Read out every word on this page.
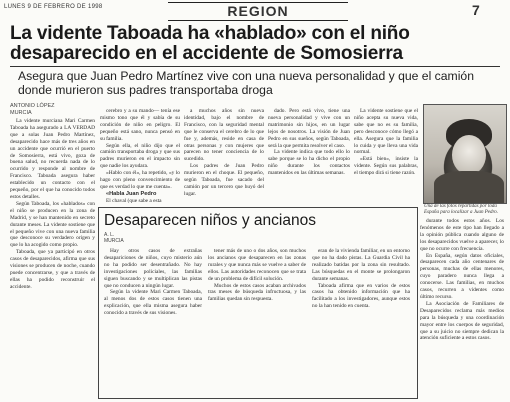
LUNES 9 DE FEBRERO DE 1998	REGION	7
La vidente Taboada ha «hablado» con el niño desaparecido en el accidente de Somosierra
Asegura que Juan Pedro Martínez vive con una nueva personalidad y que el camión donde murieron sus padres transportaba droga
ANTONIO LÓPEZ
MURCIA

La vidente murciana Mari Carmen Taboada ha asegurado a LA VERDAD que a solas Juan Pedro Martínez, desaparecido hace más de tres años en un accidente que ocurrió en el puerto de Somosierra, está vivo, goza de buena salud, no recuerda nada de lo ocurrido y responde al nombre de Francisco. Taboada asegura haber establecido un contacto con el pequeño, por el que ha conocido todos estos detalles.

Según Taboada, los «hablados» con el niño se producen en la zona de Madrid, y se han mantenido en secreto durante meses. La vidente sostiene que el pequeño vive con una nueva familia que desconoce su verdadero origen y que lo ha acogido como propio.

Taboada, que ya participó en otros casos de desaparecidos, afirma que sus visiones se producen de noche, cuando puede concentrarse, y que a través de ellas ha podido reconstruir el accidente.

cerebro y a su mando— tenía ese mismo tono que él y sabía de su condición de niño en peligro. El pequeño está sano, nunca pensó en su familia.

Según ella, el niño dijo que el camión transportaba droga y que sus padres murieron en el impacto sin que nadie los ayudara.

«Hablo con él», ha repetido, «y lo hago con pleno convencimiento de que es verdad lo que me cuenta».

«Habla Juan Pedro

El chaval (que sabe a esta

a muchos años sin nueva identidad, bajo el nombre de Francisco, con la seguridad mental que le conserva el cerebro de lo que fue y, además, reside en casa de otras personas y con mujeres que parecen no tener conciencia de lo sucedido.

Los padres de Juan Pedro murieron en el choque. El pequeño, según Taboada, fue sacado del camión por un tercero que huyó del lugar.

dado. Pero está vivo, tiene una nueva personalidad y vive con un matrimonio sin hijos, en un lugar lejos de nosotros. La visión de Juan Pedro en sus sueños, según Taboada, será la que permita resolver el caso.

La vidente indica que todo ello lo sabe porque se lo ha dicho el propio niño durante los contactos mantenidos en las últimas semanas.

La vidente sostiene que el niño acepta su nueva vida, sabe que no es su familia, pero desconoce cómo llegó a ella. Asegura que la familia lo cuida y que lleva una vida normal.

«Está bien», insiste la vidente. Según sus palabras, el tiempo dirá si tiene razón.

Una de las fotos repartidas por toda España para localizar a Juan Pedro.

durante todos estos años. Los fenómenos de este tipo han llegado a la opinión pública cuando alguno de los desaparecidos vuelve a aparecer, lo que no ocurre con frecuencia.

En España, según datos oficiales, desaparecen cada año centenares de personas, muchas de ellas menores, cuyo paradero nunca llega a conocerse. Las familias, en muchos casos, recurren a videntes como último recurso.

La Asociación de Familiares de Desaparecidos reclama más medios para la búsqueda y una coordinación mayor entre los cuerpos de seguridad, que a su juicio no siempre dedican la atención suficiente a estos casos.

Desaparecen niños y ancianos
A. L.
MURCIA

Hay otros casos de extrañas desapariciones de niños, cuyo misterio aún no ha podido ser desentrañado. No hay investigaciones policiales, las familias siguen buscando y se multiplican las pistas que no conducen a ningún lugar.

Según la vidente Mari Carmen Taboada, al menos dos de estos casos tienen una explicación, que ella misma asegura haber conocido a través de sus visiones.

tener más de uno o dos años, son muchos los ancianos que desaparecen en las zonas rurales y que nunca más se vuelve a saber de ellos. Las autoridades reconocen que se trata de un problema de difícil solución.

Muchos de estos casos acaban archivados tras meses de búsqueda infructuosa, y las familias quedan sin respuesta.

eran de la vivienda familiar, en un entorno que no ha dado pistas. La Guardia Civil ha realizado batidas por la zona sin resultado. Las búsquedas en el monte se prolongaron durante semanas.

Taboada afirma que en varios de estos casos ha obtenido información que ha facilitado a los investigadores, aunque estos no la han tenido en cuenta.
